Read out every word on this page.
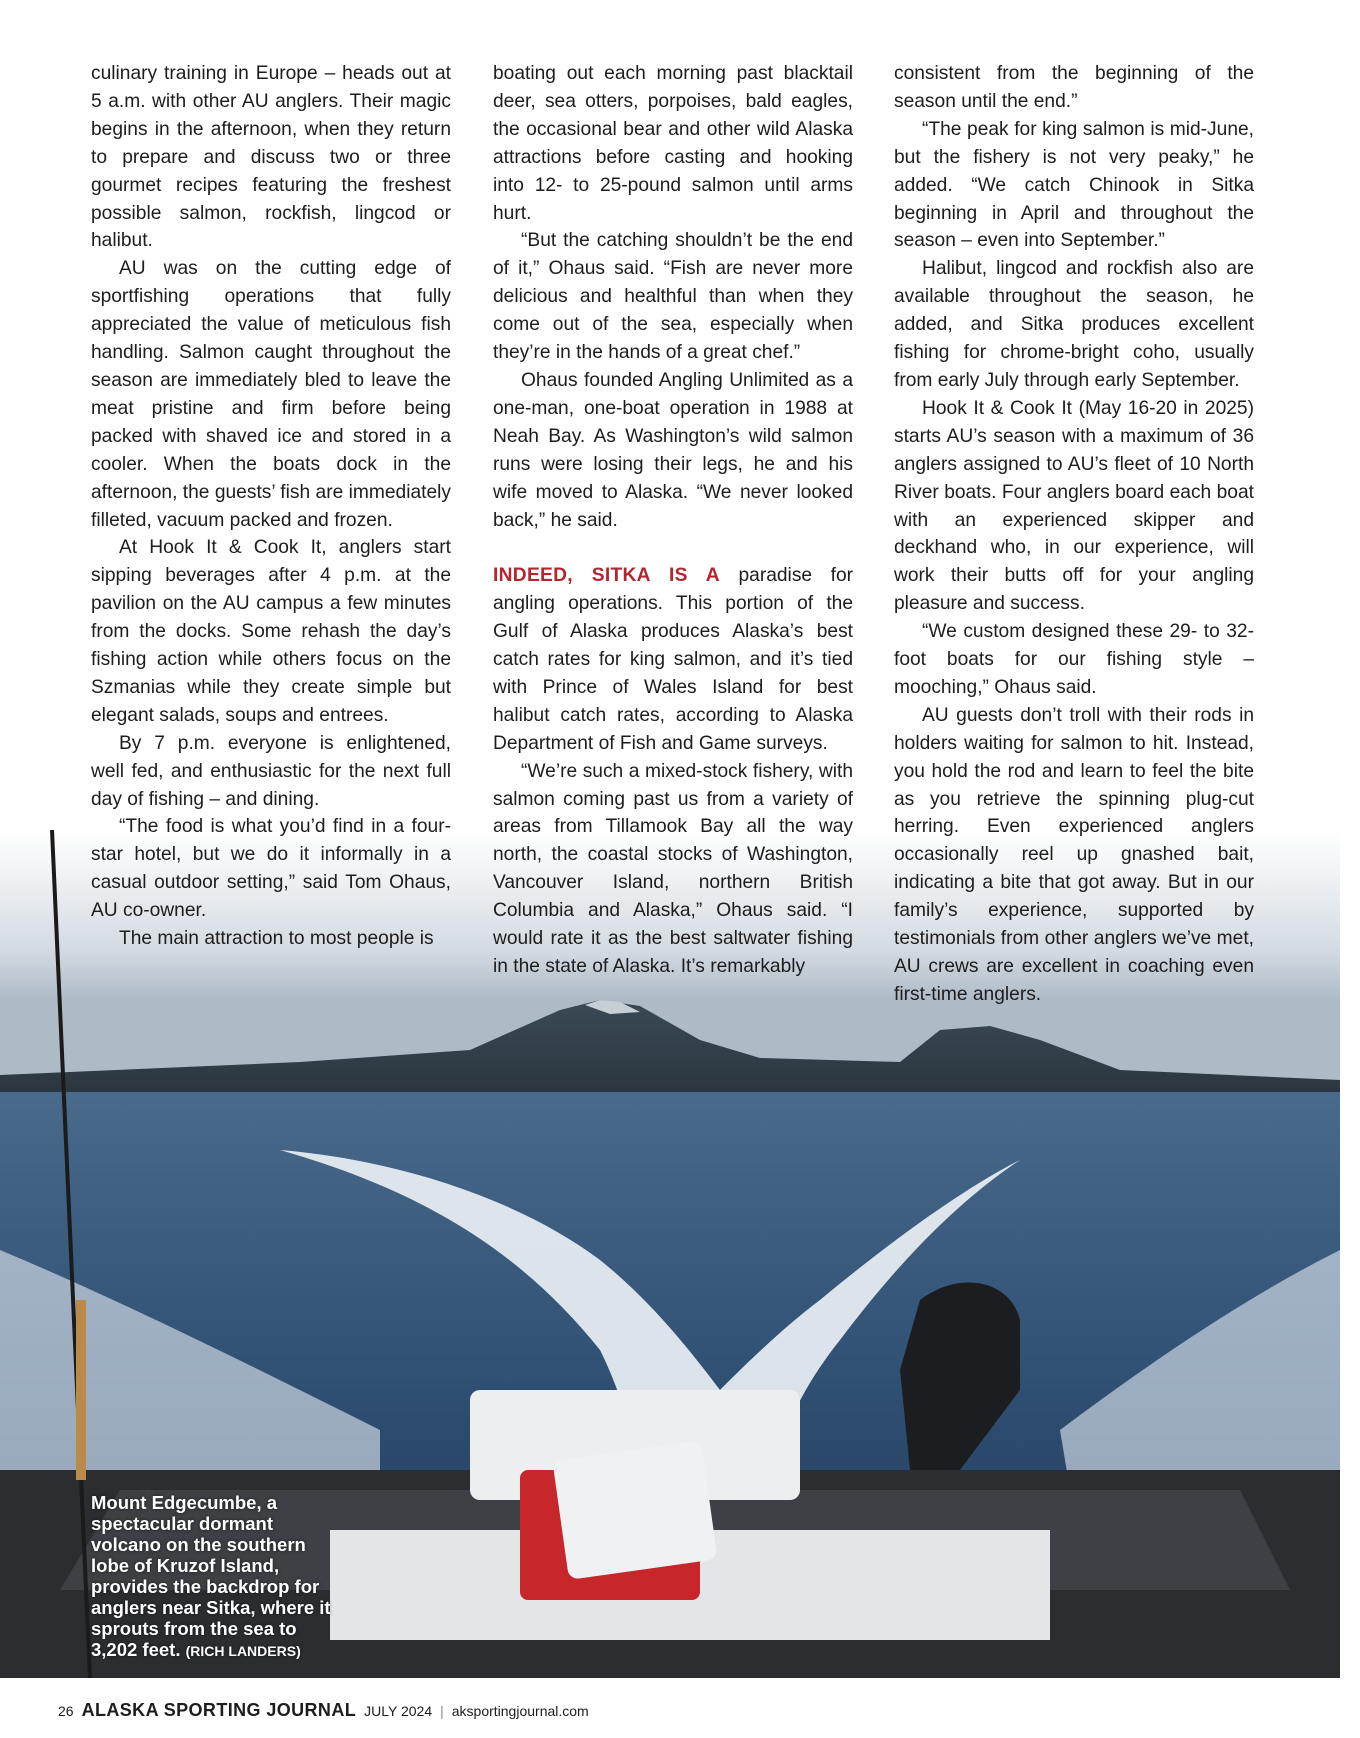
culinary training in Europe – heads out at 5 a.m. with other AU anglers. Their magic begins in the afternoon, when they return to prepare and discuss two or three gourmet recipes featuring the freshest possible salmon, rockfish, lingcod or halibut.

AU was on the cutting edge of sportfishing operations that fully appreciated the value of meticulous fish handling. Salmon caught throughout the season are immediately bled to leave the meat pristine and firm before being packed with shaved ice and stored in a cooler. When the boats dock in the afternoon, the guests’ fish are immediately filleted, vacuum packed and frozen.

At Hook It & Cook It, anglers start sipping beverages after 4 p.m. at the pavilion on the AU campus a few minutes from the docks. Some rehash the day’s fishing action while others focus on the Szmanias while they create simple but elegant salads, soups and entrees.

By 7 p.m. everyone is enlightened, well fed, and enthusiastic for the next full day of fishing – and dining.

“The food is what you’d find in a four-star hotel, but we do it informally in a casual outdoor setting,” said Tom Ohaus, AU co-owner.

The main attraction to most people is

boating out each morning past blacktail deer, sea otters, porpoises, bald eagles, the occasional bear and other wild Alaska attractions before casting and hooking into 12- to 25-pound salmon until arms hurt.

“But the catching shouldn’t be the end of it,” Ohaus said. “Fish are never more delicious and healthful than when they come out of the sea, especially when they’re in the hands of a great chef.”

Ohaus founded Angling Unlimited as a one-man, one-boat operation in 1988 at Neah Bay. As Washington’s wild salmon runs were losing their legs, he and his wife moved to Alaska. “We never looked back,” he said.

INDEED, SITKA IS A paradise for angling operations. This portion of the Gulf of Alaska produces Alaska’s best catch rates for king salmon, and it’s tied with Prince of Wales Island for best halibut catch rates, according to Alaska Department of Fish and Game surveys.

“We’re such a mixed-stock fishery, with salmon coming past us from a variety of areas from Tillamook Bay all the way north, the coastal stocks of Washington, Vancouver Island, northern British Columbia and Alaska,” Ohaus said. “I would rate it as the best saltwater fishing in the state of Alaska. It’s remarkably

consistent from the beginning of the season until the end.”

“The peak for king salmon is mid-June, but the fishery is not very peaky,” he added. “We catch Chinook in Sitka beginning in April and throughout the season – even into September.”

Halibut, lingcod and rockfish also are available throughout the season, he added, and Sitka produces excellent fishing for chrome-bright coho, usually from early July through early September.

Hook It & Cook It (May 16-20 in 2025) starts AU’s season with a maximum of 36 anglers assigned to AU’s fleet of 10 North River boats. Four anglers board each boat with an experienced skipper and deckhand who, in our experience, will work their butts off for your angling pleasure and success.

“We custom designed these 29- to 32-foot boats for our fishing style – mooching,” Ohaus said.

AU guests don’t troll with their rods in holders waiting for salmon to hit. Instead, you hold the rod and learn to feel the bite as you retrieve the spinning plug-cut herring. Even experienced anglers occasionally reel up gnashed bait, indicating a bite that got away. But in our family’s experience, supported by testimonials from other anglers we’ve met, AU crews are excellent in coaching even first-time anglers.

Mount Edgecumbe, a spectacular dormant volcano on the southern lobe of Kruzof Island, provides the backdrop for anglers near Sitka, where it sprouts from the sea to 3,202 feet. (RICH LANDERS)
26 ALASKA SPORTING JOURNAL JULY 2024 | aksportingjournal.com
